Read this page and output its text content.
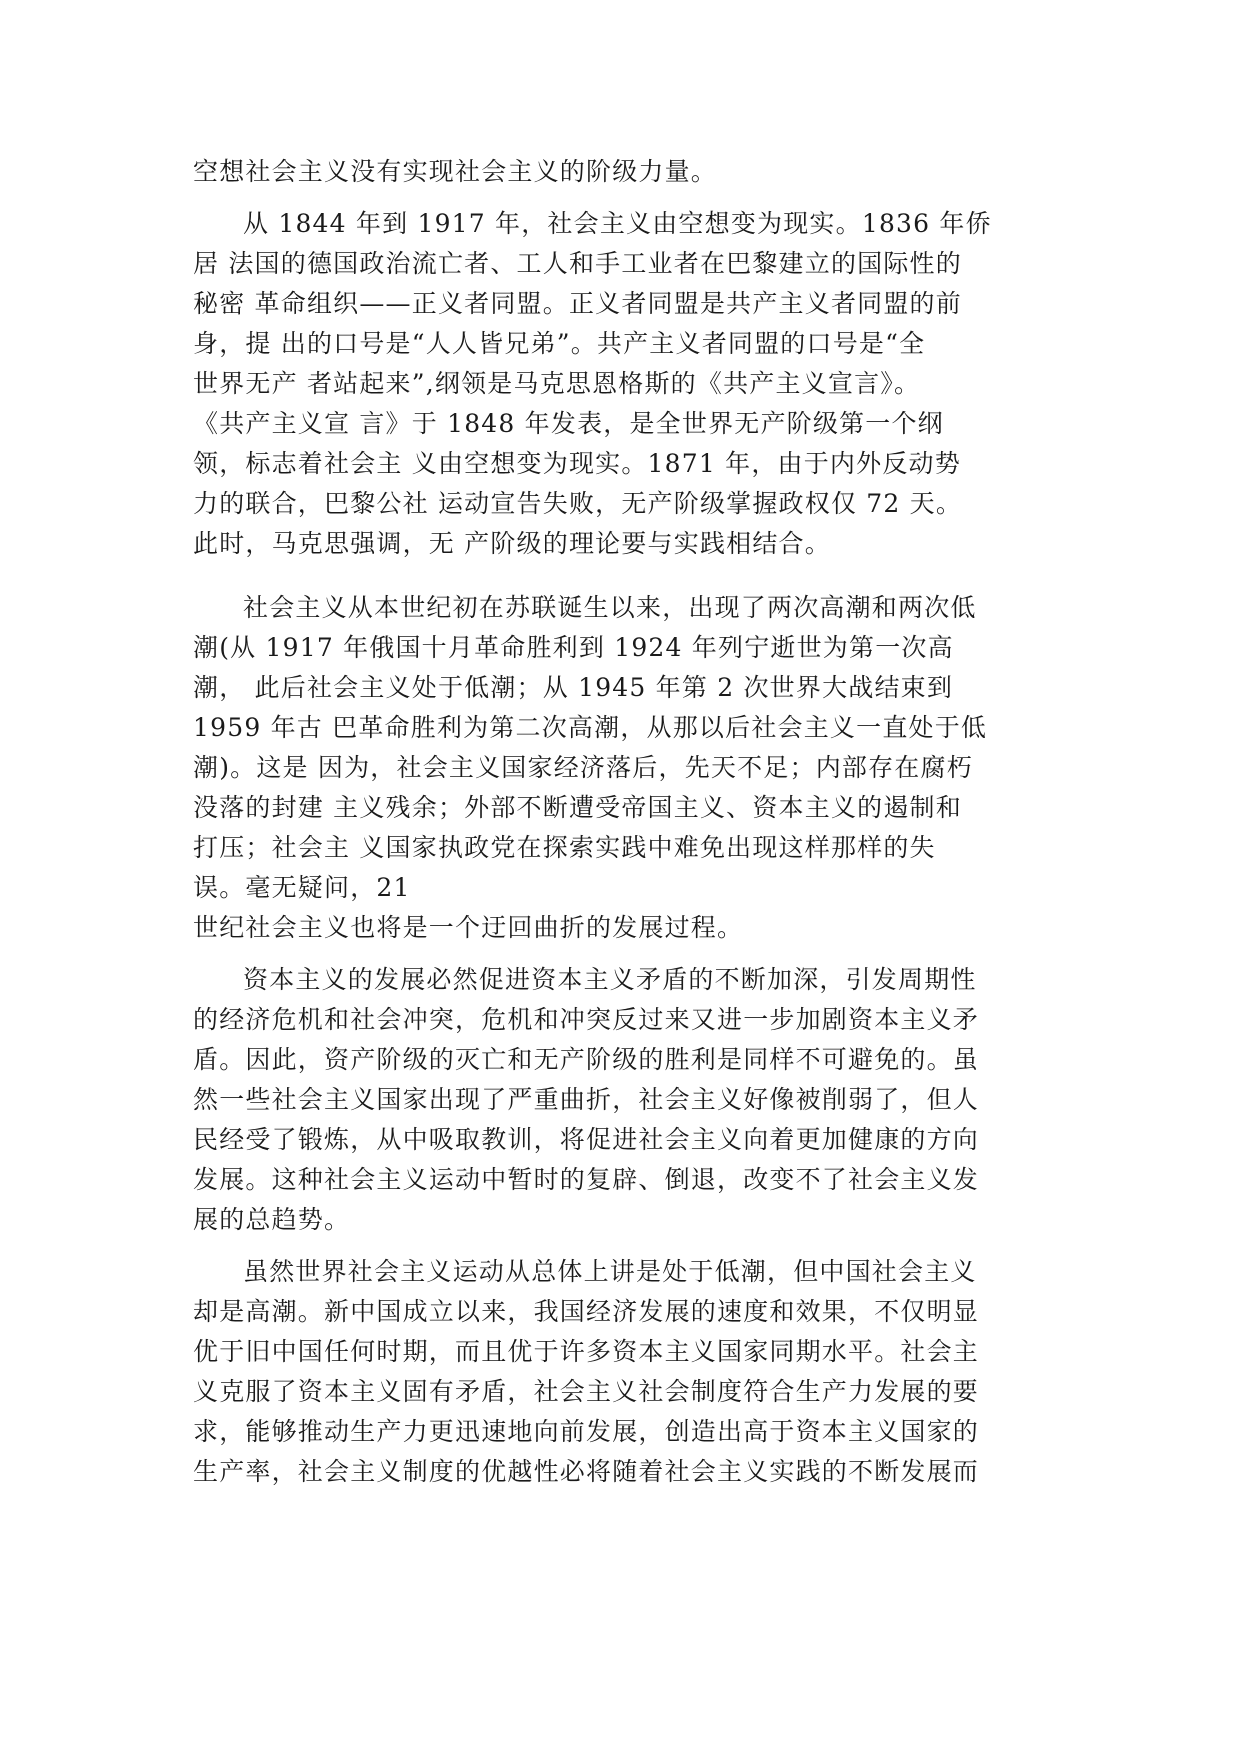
空想社会主义没有实现社会主义的阶级力量。
从 1844 年到 1917 年，社会主义由空想变为现实。1836 年侨
居 法国的德国政治流亡者、工人和手工业者在巴黎建立的国际性的
秘密 革命组织——正义者同盟。正义者同盟是共产主义者同盟的前
身，提 出的口号是“人人皆兄弟”。共产主义者同盟的口号是“全
世界无产 者站起来”,纲领是马克思恩格斯的《共产主义宣言》。
《共产主义宣 言》于 1848 年发表，是全世界无产阶级第一个纲
领，标志着社会主 义由空想变为现实。1871 年，由于内外反动势
力的联合，巴黎公社 运动宣告失败，无产阶级掌握政权仅 72 天。
此时，马克思强调，无 产阶级的理论要与实践相结合。
社会主义从本世纪初在苏联诞生以来，出现了两次高潮和两次低
潮(从 1917 年俄国十月革命胜利到 1924 年列宁逝世为第一次高
潮， 此后社会主义处于低潮；从 1945 年第 2 次世界大战结束到
1959 年古 巴革命胜利为第二次高潮，从那以后社会主义一直处于低
潮)。这是 因为，社会主义国家经济落后，先天不足；内部存在腐朽
没落的封建 主义残余；外部不断遭受帝国主义、资本主义的遏制和
打压；社会主 义国家执政党在探索实践中难免出现这样那样的失
误。毫无疑问，21
世纪社会主义也将是一个迂回曲折的发展过程。
资本主义的发展必然促进资本主义矛盾的不断加深，引发周期性
的经济危机和社会冲突，危机和冲突反过来又进一步加剧资本主义矛
盾。因此，资产阶级的灭亡和无产阶级的胜利是同样不可避免的。虽
然一些社会主义国家出现了严重曲折，社会主义好像被削弱了，但人
民经受了锻炼，从中吸取教训，将促进社会主义向着更加健康的方向
发展。这种社会主义运动中暂时的复辟、倒退，改变不了社会主义发
展的总趋势。
虽然世界社会主义运动从总体上讲是处于低潮，但中国社会主义
却是高潮。新中国成立以来，我国经济发展的速度和效果，不仅明显
优于旧中国任何时期，而且优于许多资本主义国家同期水平。社会主
义克服了资本主义固有矛盾，社会主义社会制度符合生产力发展的要
求，能够推动生产力更迅速地向前发展，创造出高于资本主义国家的
生产率，社会主义制度的优越性必将随着社会主义实践的不断发展而
